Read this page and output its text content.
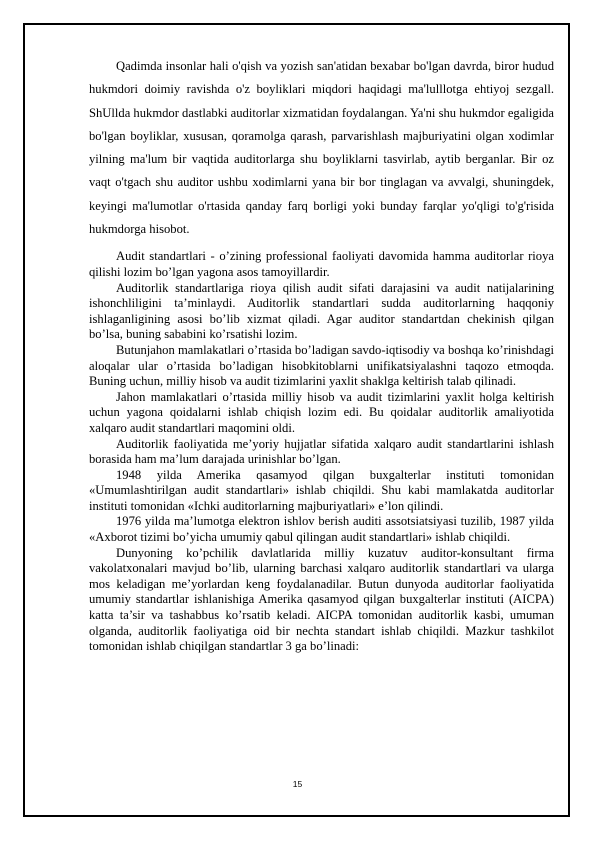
Qadimda insonlar hali o'qish va yozish san'atidan bexabar bo'lgan davrda, biror hudud hukmdori doimiy ravishda o'z boyliklari miqdori haqidagi ma'lulllotga ehtiyoj sezgall. ShUllda hukmdor dastlabki auditorlar xizmatidan foydalangan. Ya'ni shu hukmdor egaligida bo'lgan boyliklar, xususan, qoramolga qarash, parvarishlash majburiyatini olgan xodimlar yilning ma'lum bir vaqtida auditorlarga shu boyliklarni tasvirlab, aytib berganlar. Bir oz vaqt o'tgach shu auditor ushbu xodimlarni yana bir bor tinglagan va avvalgi, shuningdek, keyingi ma'lumotlar o'rtasida qanday farq borligi yoki bunday farqlar yo'qligi to'g'risida hukmdorga hisobot.

Audit standartlari - o’zining professional faoliyati davomida hamma auditorlar rioya qilishi lozim bo’lgan yagona asos tamoyillardir.

Auditorlik standartlariga rioya qilish audit sifati darajasini va audit natijalarining ishonchliligini ta’minlaydi. Auditorlik standartlari sudda auditorlarning haqqoniy ishlaganligining asosi bo’lib xizmat qiladi. Agar auditor standartdan chekinish qilgan bo’lsa, buning sababini ko’rsatishi lozim.

Butunjahon mamlakatlari o’rtasida bo’ladigan savdo-iqtisodiy va boshqa ko’rinishdagi aloqalar ular o’rtasida bo’ladigan hisobkitoblarni unifikatsiyalashni taqozo etmoqda. Buning uchun, milliy hisob va audit tizimlarini yaxlit shaklga keltirish talab qilinadi.

Jahon mamlakatlari o’rtasida milliy hisob va audit tizimlarini yaxlit holga keltirish uchun yagona qoidalarni ishlab chiqish lozim edi. Bu qoidalar auditorlik amaliyotida xalqaro audit standartlari maqomini oldi.

Auditorlik faoliyatida me’yoriy hujjatlar sifatida xalqaro audit standartlarini ishlash borasida ham ma’lum darajada urinishlar bo’lgan.

1948 yilda Amerika qasamyod qilgan buxgalterlar instituti tomonidan «Umumlashtirilgan audit standartlari» ishlab chiqildi. Shu kabi mamlakatda auditorlar instituti tomonidan «Ichki auditorlarning majburiyatlari» e’lon qilindi.

1976 yilda ma’lumotga elektron ishlov berish auditi assotsiatsiyasi tuzilib, 1987 yilda «Axborot tizimi bo’yicha umumiy qabul qilingan audit standartlari» ishlab chiqildi.

Dunyoning ko’pchilik davlatlarida milliy kuzatuv auditor-konsultant firma vakolatxonalari mavjud bo’lib, ularning barchasi xalqaro auditorlik standartlari va ularga mos keladigan me’yorlardan keng foydalanadilar. Butun dunyoda auditorlar faoliyatida umumiy standartlar ishlanishiga Amerika qasamyod qilgan buxgalterlar instituti (AICPA) katta ta’sir va tashabbus ko’rsatib keladi. AICPA tomonidan auditorlik kasbi, umuman olganda, auditorlik faoliyatiga oid bir nechta standart ishlab chiqildi. Mazkur tashkilot tomonidan ishlab chiqilgan standartlar 3 ga bo’linadi:

15
